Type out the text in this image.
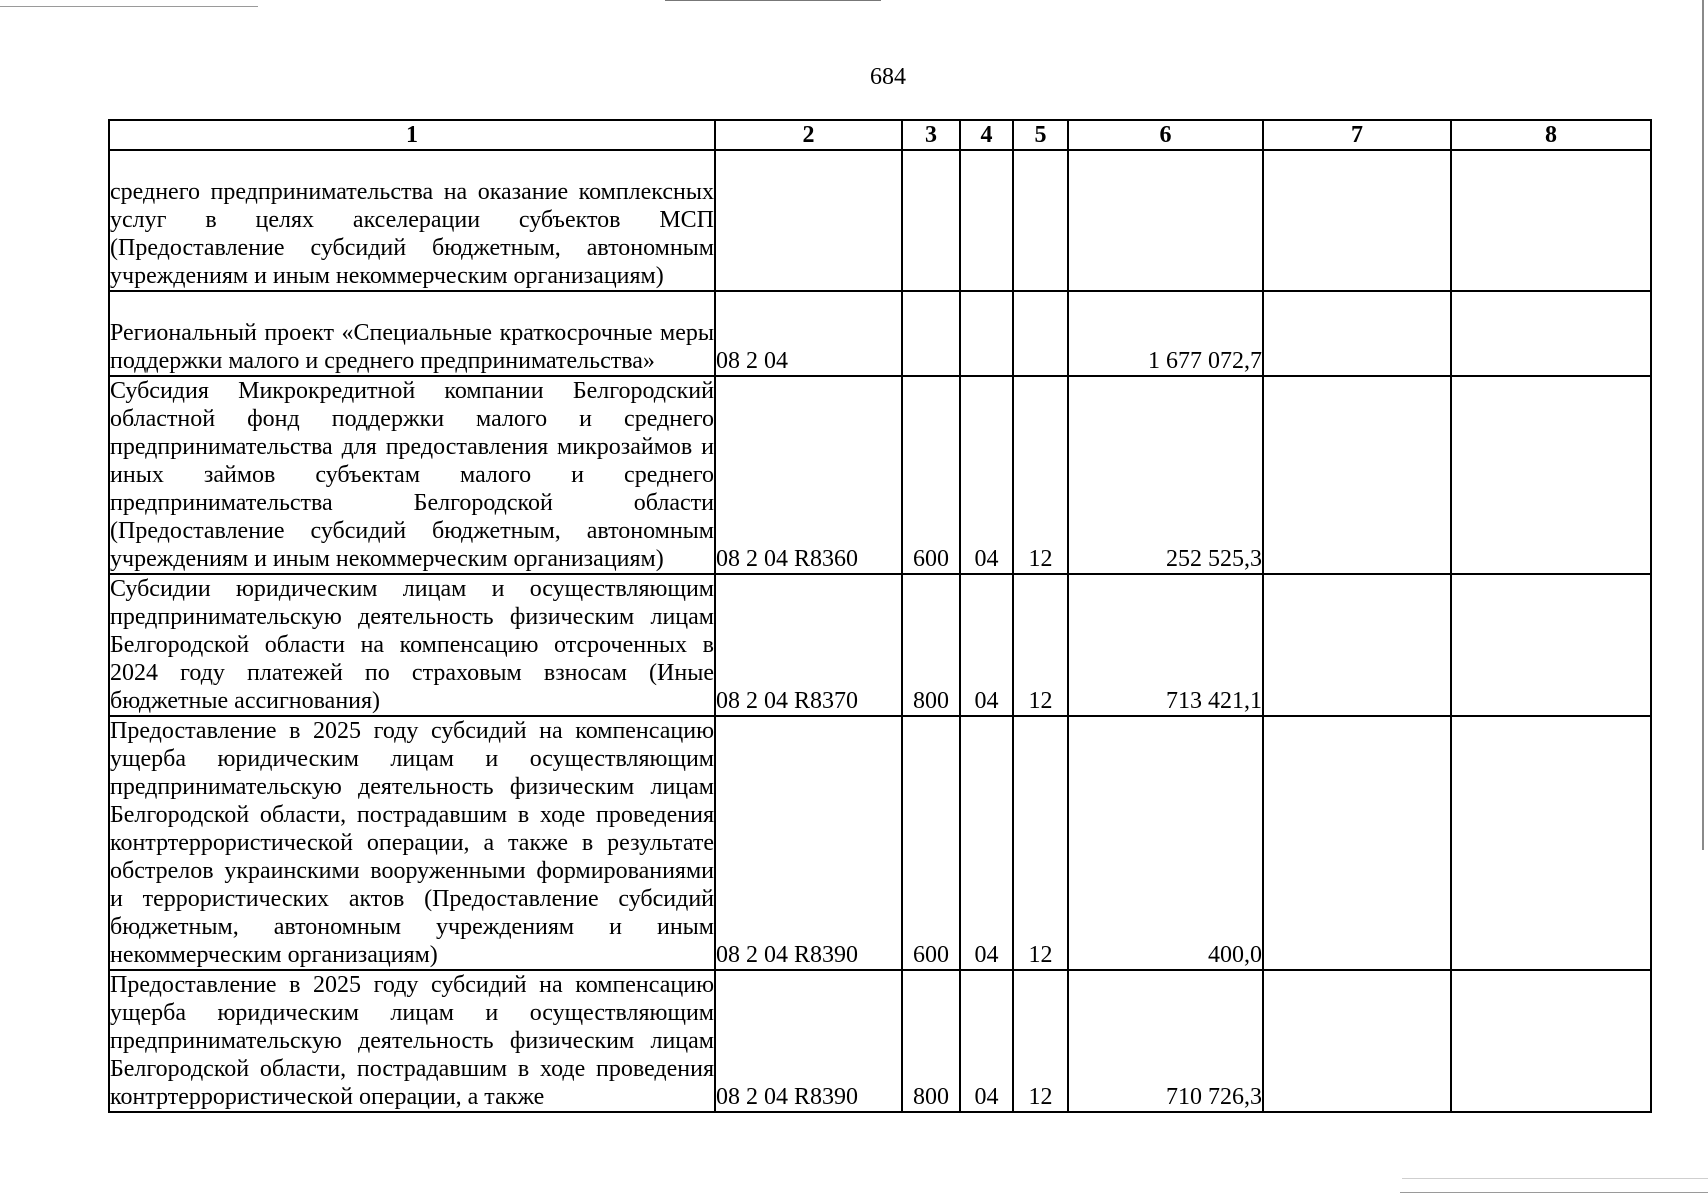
684
1	2	3	4	5	6	7	8
среднего предпринимательства на оказание комплексных услуг в целях акселерации субъектов МСП (Предоставление субсидий бюджетным, автономным учреждениям и иным некоммерческим организациям)							
Региональный проект «Специальные краткосрочные меры поддержки малого и среднего предпринимательства»	08 2 04				1 677 072,7		
Субсидия Микрокредитной компании Белгородский областной фонд поддержки малого и среднего предпринимательства для предоставления микрозаймов и иных займов субъектам малого и среднего предпринимательства Белгородской области (Предоставление субсидий бюджетным, автономным учреждениям и иным некоммерческим организациям)	08 2 04 R8360	600	04	12	252 525,3		
Субсидии юридическим лицам и осуществляющим предпринимательскую деятельность физическим лицам Белгородской области на компенсацию отсроченных в 2024 году платежей по страховым взносам (Иные бюджетные ассигнования)	08 2 04 R8370	800	04	12	713 421,1		
Предоставление в 2025 году субсидий на компенсацию ущерба юридическим лицам и осуществляющим предпринимательскую деятельность физическим лицам Белгородской области, пострадавшим в ходе проведения контртеррористической операции, а также в результате обстрелов украинскими вооруженными формированиями и террористических актов (Предоставление субсидий бюджетным, автономным учреждениям и иным некоммерческим организациям)	08 2 04 R8390	600	04	12	400,0		
Предоставление в 2025 году субсидий на компенсацию ущерба юридическим лицам и осуществляющим предпринимательскую деятельность физическим лицам Белгородской области, пострадавшим в ходе проведения контртеррористической операции, а также	08 2 04 R8390	800	04	12	710 726,3		
